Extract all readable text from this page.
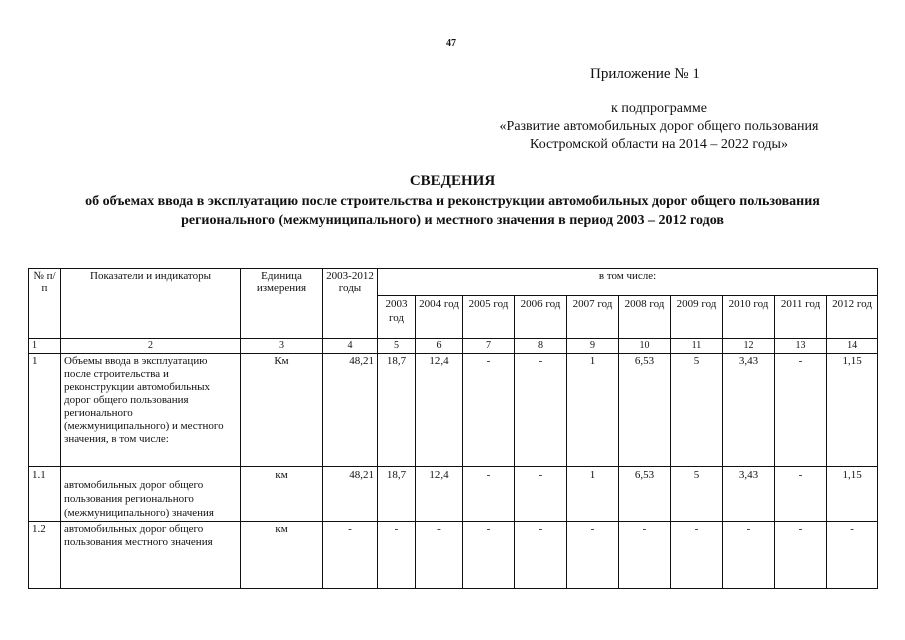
47
Приложение № 1
к подпрограмме
«Развитие автомобильных дорог общего пользования
Костромской области на 2014 – 2022 годы»
СВЕДЕНИЯ
об объемах ввода в эксплуатацию после строительства и реконструкции автомобильных дорог общего пользования
регионального (межмуниципального) и местного значения в период 2003 – 2012 годов
№ п/п	Показатели и индикаторы	Единица измерения	2003-2012 годы	в том числе:									
				2003 год	2004 год	2005 год	2006 год	2007 год	2008 год	2009 год	2010 год	2011 год	2012 год
1	2	3	4	5	6	7	8	9	10	11	12	13	14
1	Объемы ввода в эксплуатацию после строительства и реконструкции автомобильных дорог общего пользования регионального (межмуниципального) и местного значения, в том числе:	Км	48,21	18,7	12,4	-	-	1	6,53	5	3,43	-	1,15
1.1	автомобильных дорог общего пользования регионального (межмуниципального) значения	км	48,21	18,7	12,4	-	-	1	6,53	5	3,43	-	1,15
1.2	автомобильных дорог общего пользования местного значения	км	-	-	-	-	-	-	-	-	-	-	-
